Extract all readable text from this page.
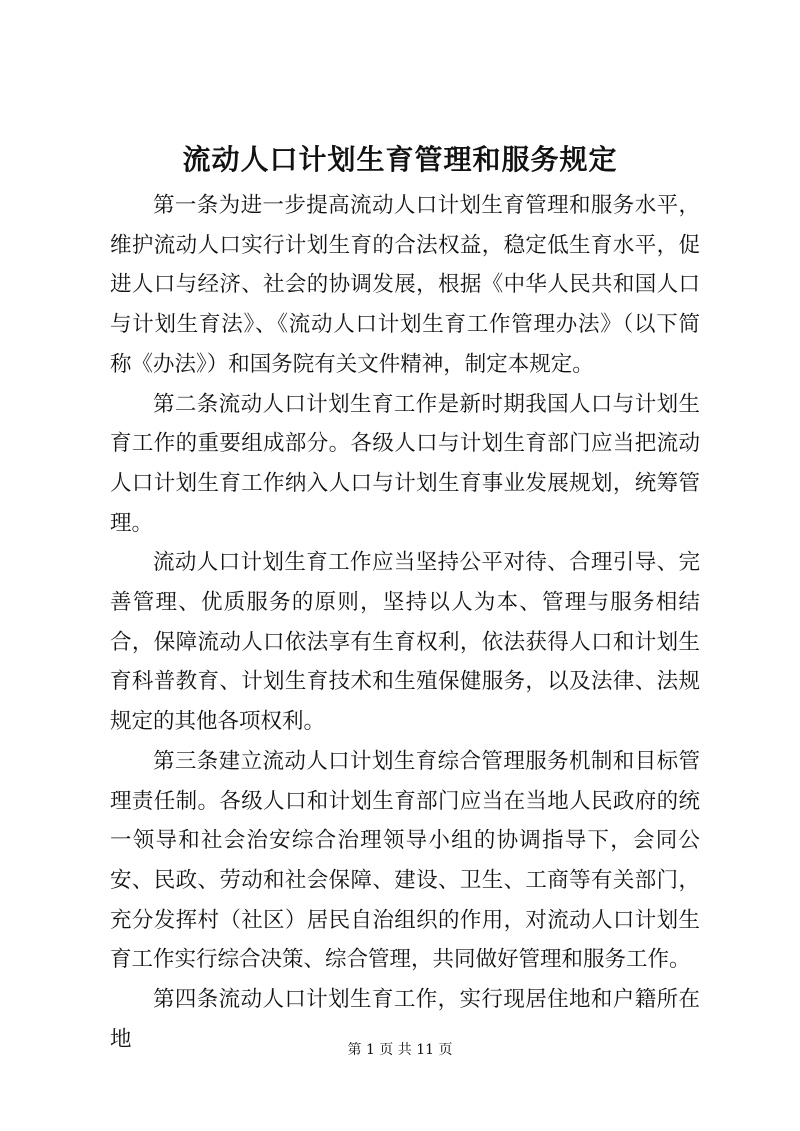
流动人口计划生育管理和服务规定

第一条为进一步提高流动人口计划生育管理和服务水平，维护流动人口实行计划生育的合法权益，稳定低生育水平，促进人口与经济、社会的协调发展，根据《中华人民共和国人口与计划生育法》、《流动人口计划生育工作管理办法》（以下简称《办法》）和国务院有关文件精神，制定本规定。

第二条流动人口计划生育工作是新时期我国人口与计划生育工作的重要组成部分。各级人口与计划生育部门应当把流动人口计划生育工作纳入人口与计划生育事业发展规划，统筹管理。

流动人口计划生育工作应当坚持公平对待、合理引导、完善管理、优质服务的原则，坚持以人为本、管理与服务相结合，保障流动人口依法享有生育权利，依法获得人口和计划生育科普教育、计划生育技术和生殖保健服务，以及法律、法规规定的其他各项权利。

第三条建立流动人口计划生育综合管理服务机制和目标管理责任制。各级人口和计划生育部门应当在当地人民政府的统一领导和社会治安综合治理领导小组的协调指导下，会同公安、民政、劳动和社会保障、建设、卫生、工商等有关部门，充分发挥村（社区）居民自治组织的作用，对流动人口计划生育工作实行综合决策、综合管理，共同做好管理和服务工作。

第四条流动人口计划生育工作，实行现居住地和户籍所在地	第 1 页 共 11 页
